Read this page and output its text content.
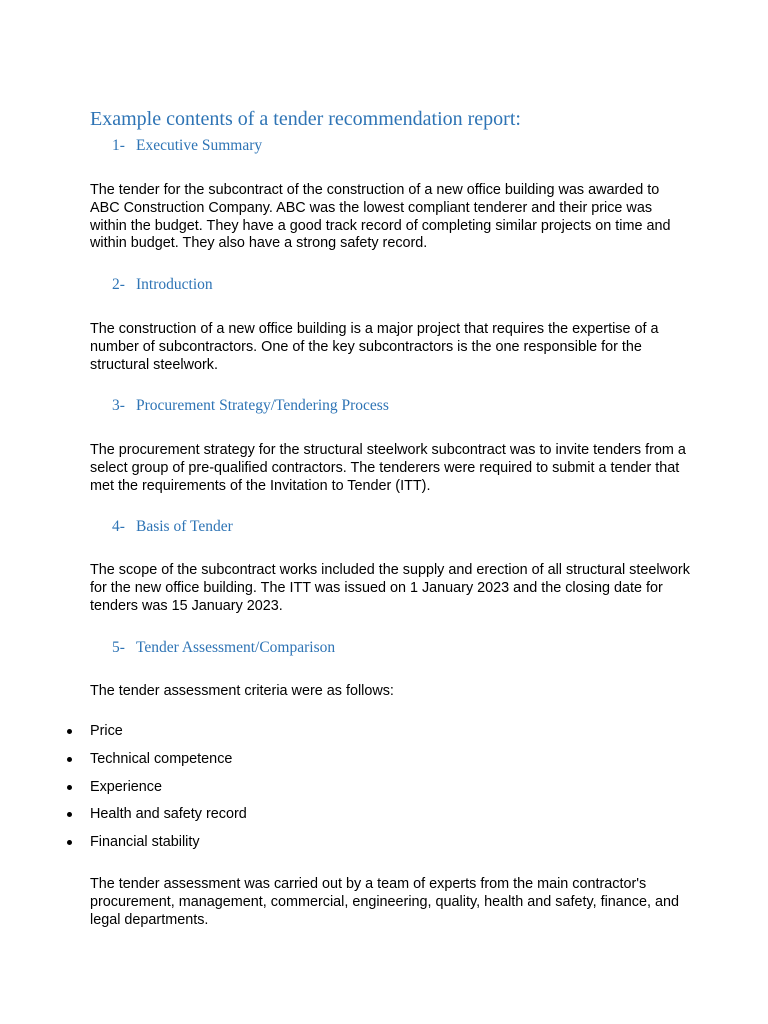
Example contents of a tender recommendation report:
1- Executive Summary
The tender for the subcontract of the construction of a new office building was awarded to ABC Construction Company. ABC was the lowest compliant tenderer and their price was within the budget. They have a good track record of completing similar projects on time and within budget. They also have a strong safety record.
2- Introduction
The construction of a new office building is a major project that requires the expertise of a number of subcontractors. One of the key subcontractors is the one responsible for the structural steelwork.
3- Procurement Strategy/Tendering Process
The procurement strategy for the structural steelwork subcontract was to invite tenders from a select group of pre-qualified contractors. The tenderers were required to submit a tender that met the requirements of the Invitation to Tender (ITT).
4- Basis of Tender
The scope of the subcontract works included the supply and erection of all structural steelwork for the new office building. The ITT was issued on 1 January 2023 and the closing date for tenders was 15 January 2023.
5- Tender Assessment/Comparison
The tender assessment criteria were as follows:
Price
Technical competence
Experience
Health and safety record
Financial stability
The tender assessment was carried out by a team of experts from the main contractor's procurement, management, commercial, engineering, quality, health and safety, finance, and legal departments.
